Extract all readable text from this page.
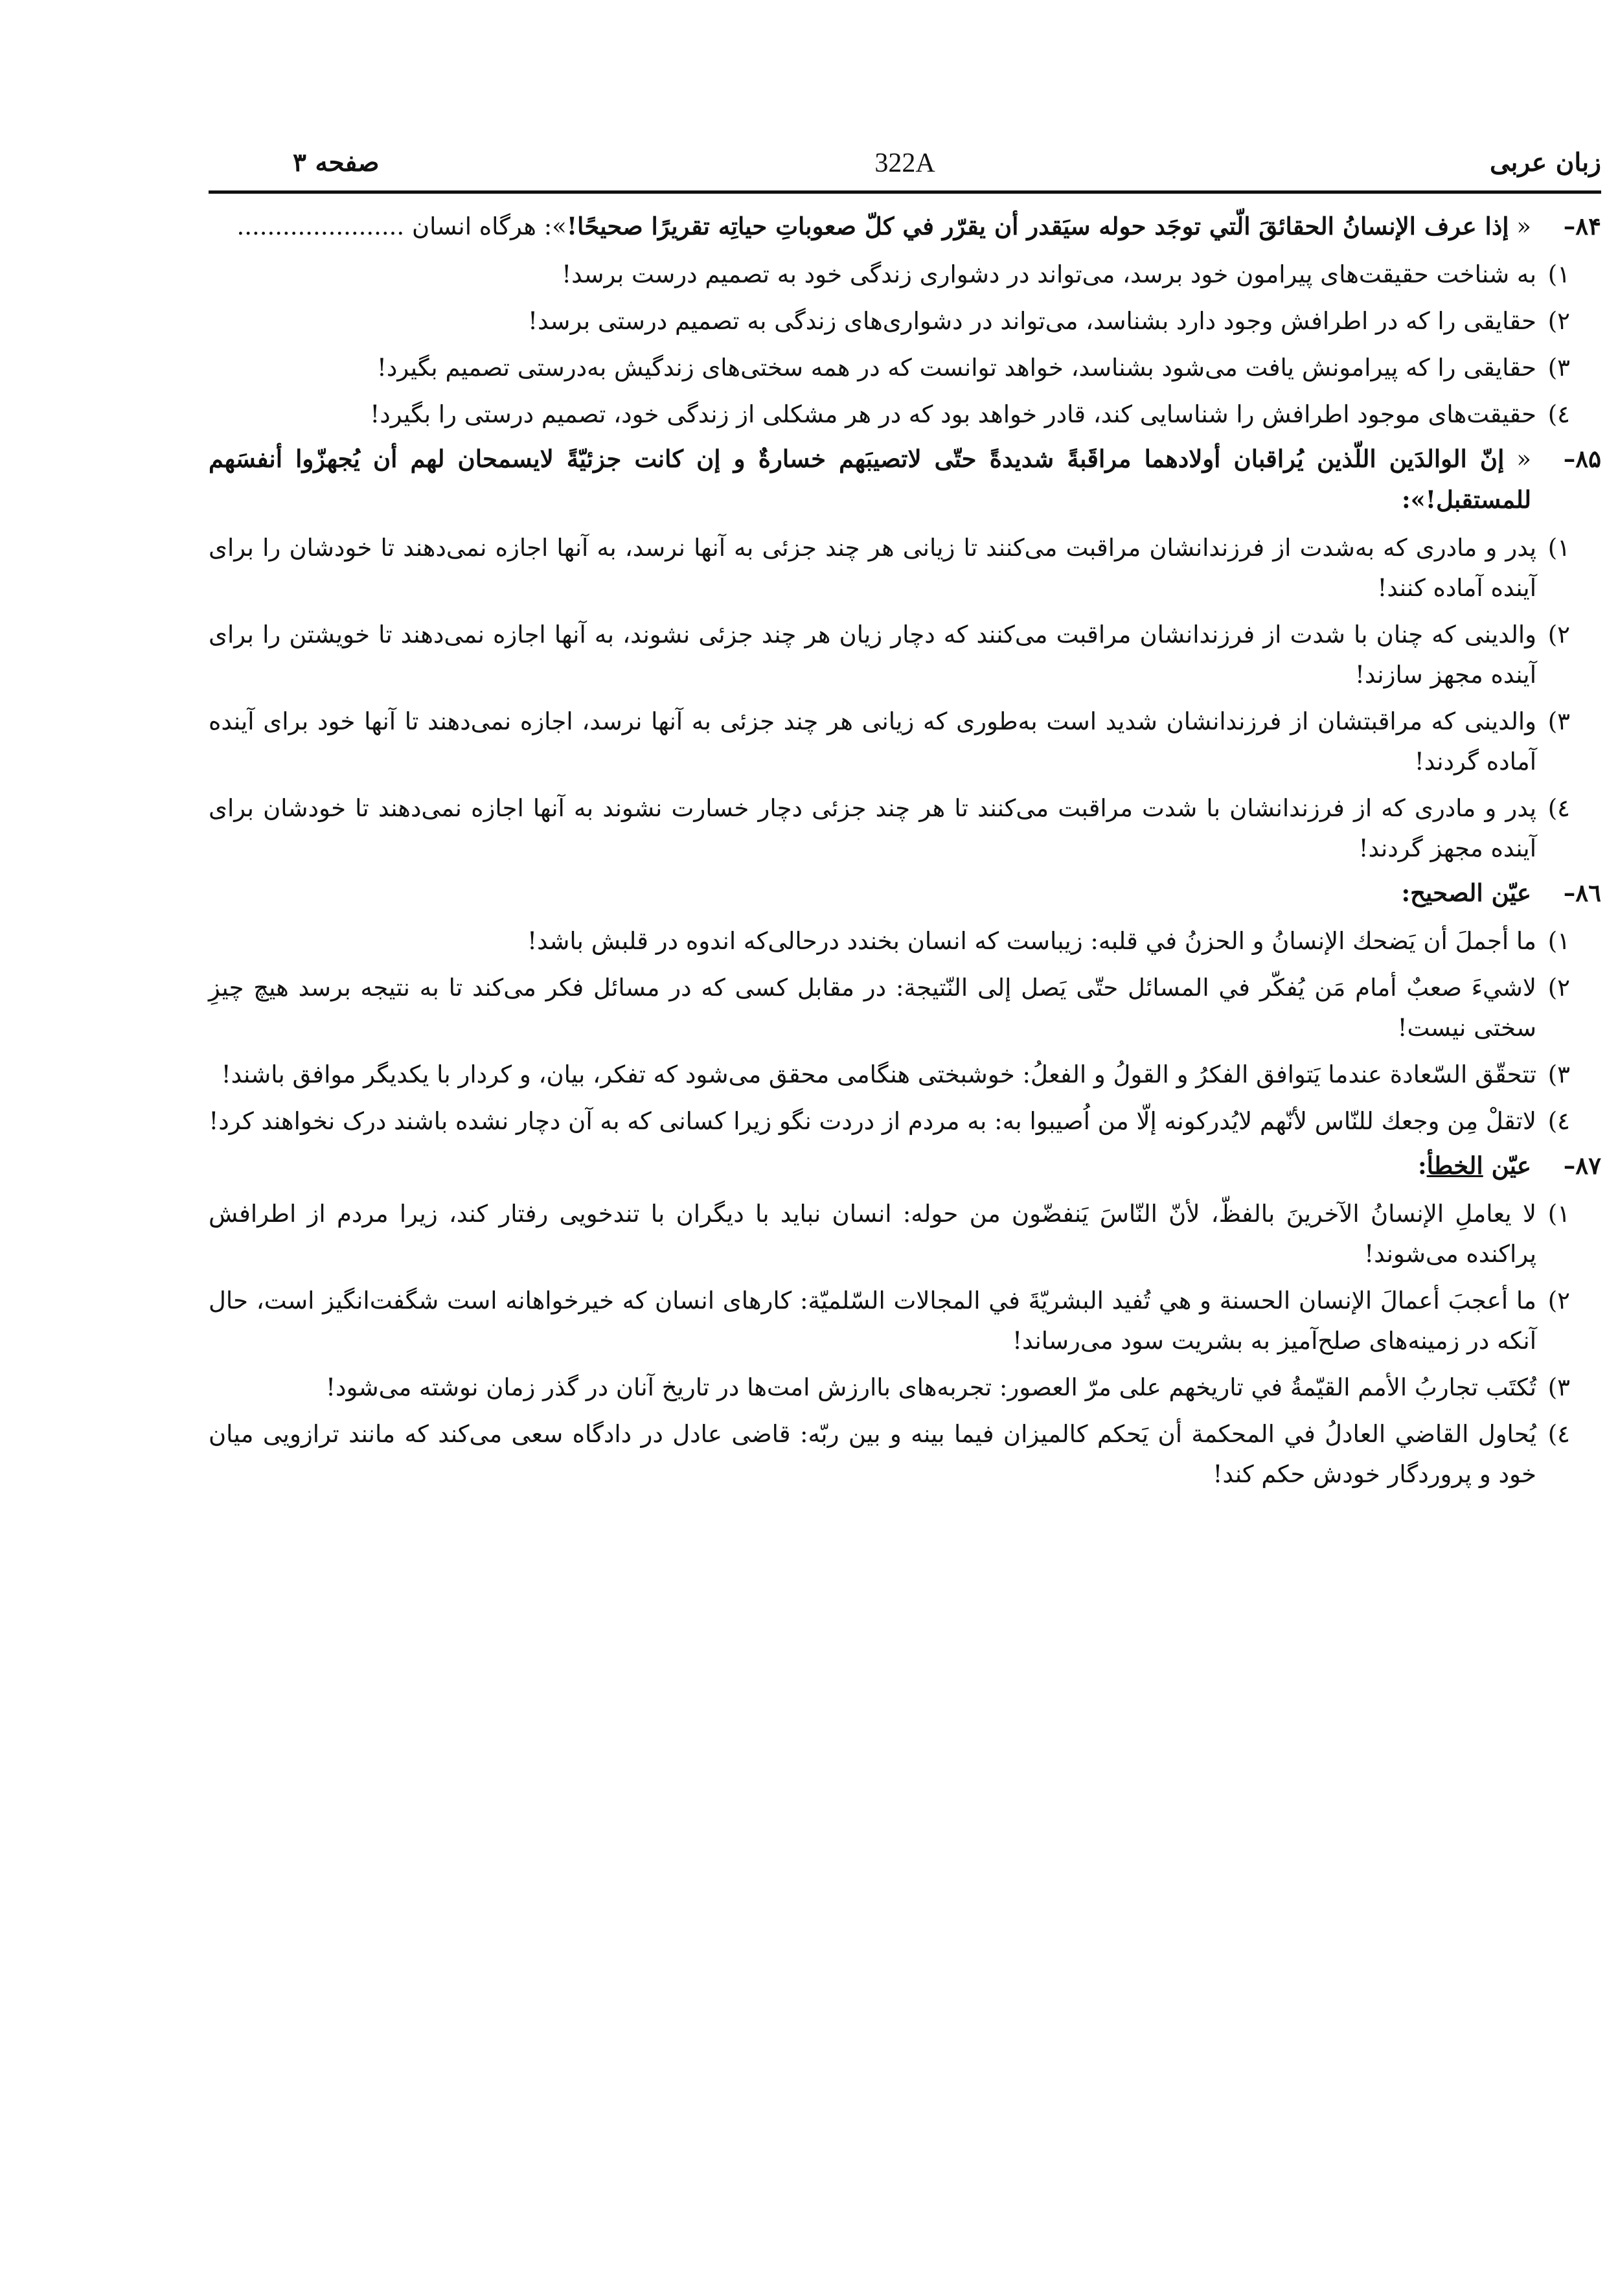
صفحه ۳	322A	زبان عربی
۸۴–
« إذا عرف الإنسانُ الحقائقَ الّتي توجَد حوله سيَقدر أن يقرّر في كلّ صعوباتِ حياتِه تقريرًا صحيحًا!»: هرگاه انسان ......................
۱)
به شناخت حقیقت‌های پیرامون خود برسد، می‌تواند در دشواری زندگی خود به تصمیم درست برسد!
۲)
حقایقی را که در اطرافش وجود دارد بشناسد، می‌تواند در دشواری‌های زندگی به تصمیم درستی برسد!
۳)
حقایقی را که پیرامونش یافت می‌شود بشناسد، خواهد توانست که در همه سختی‌های زندگیش به‌درستی تصمیم بگیرد!
٤)
حقیقت‌های موجود اطرافش را شناسایی کند، قادر خواهد بود که در هر مشکلی از زندگی خود، تصمیم درستی را بگیرد!
۸۵–
« إنّ الوالدَين اللّذين يُراقبان أولادهما مراقَبةً شديدةً حتّى لاتصيبَهم خسارةٌ و إن كانت جزئيّةً لايسمحان لهم أن يُجهزّوا أنفسَهم للمستقبل!»:
۱)
پدر و مادری که به‌شدت از فرزندانشان مراقبت می‌کنند تا زیانی هر چند جزئی به آنها نرسد، به آنها اجازه نمی‌دهند تا خودشان را برای آینده آماده کنند!
۲)
والدینی که چنان با شدت از فرزندانشان مراقبت می‌کنند که دچار زیان هر چند جزئی نشوند، به آنها اجازه نمی‌دهند تا خویشتن را برای آینده مجهز سازند!
۳)
والدینی که مراقبتشان از فرزندانشان شدید است به‌طوری که زیانی هر چند جزئی به آنها نرسد، اجازه نمی‌دهند تا آنها خود برای آینده آماده گردند!
٤)
پدر و مادری که از فرزندانشان با شدت مراقبت می‌کنند تا هر چند جزئی دچار خسارت نشوند به آنها اجازه نمی‌دهند تا خودشان برای آینده مجهز گردند!
۸٦–
عيّن الصحيح:
۱)
ما أجملَ أن يَضحك الإنسانُ و الحزنُ في قلبه: زیباست که انسان بخندد درحالی‌که اندوه در قلبش باشد!
۲)
لاشيءَ صعبٌ أمام مَن يُفكّر في المسائل حتّى يَصل إلى النّتيجة: در مقابل کسی که در مسائل فکر می‌کند تا به نتیجه برسد هیچ چیزِ سختی نیست!
۳)
تتحقّق السّعادة عندما يَتوافق الفكرُ و القولُ و الفعلُ: خوشبختی هنگامی محقق می‌شود که تفکر، بیان، و کردار با یکدیگر موافق باشند!
٤)
لاتقلْ مِن وجعك للنّاس لأنّهم لايُدركونه إلّا من اُصيبوا به: به مردم از دردت نگو زیرا کسانی که به آن دچار نشده باشند درک نخواهند کرد!
۸۷–
عيّن الخطأ:
۱)
لا يعاملِ الإنسانُ الآخرينَ بالفظّ، لأنّ النّاسَ يَنفضّون من حوله: انسان نباید با دیگران با تندخویی رفتار کند، زیرا مردم از اطرافش پراکنده می‌شوند!
۲)
ما أعجبَ أعمالَ الإنسان الحسنة و هي تُفيد البشريّةَ في المجالات السّلميّة: کارهای انسان که خیرخواهانه است شگفت‌انگیز است، حال آنکه در زمینه‌های صلح‌آمیز به بشریت سود می‌رساند!
۳)
تُكتَب تجاربُ الأمم القيّمةُ في تاريخهم على مرّ العصور: تجربه‌های باارزش امت‌ها در تاریخ آنان در گذر زمان نوشته می‌شود!
٤)
يُحاول القاضي العادلُ في المحكمة أن يَحكم كالميزان فيما بينه و بين ربّه: قاضی عادل در دادگاه سعی می‌کند که مانند ترازویی میان خود و پروردگار خودش حکم کند!
